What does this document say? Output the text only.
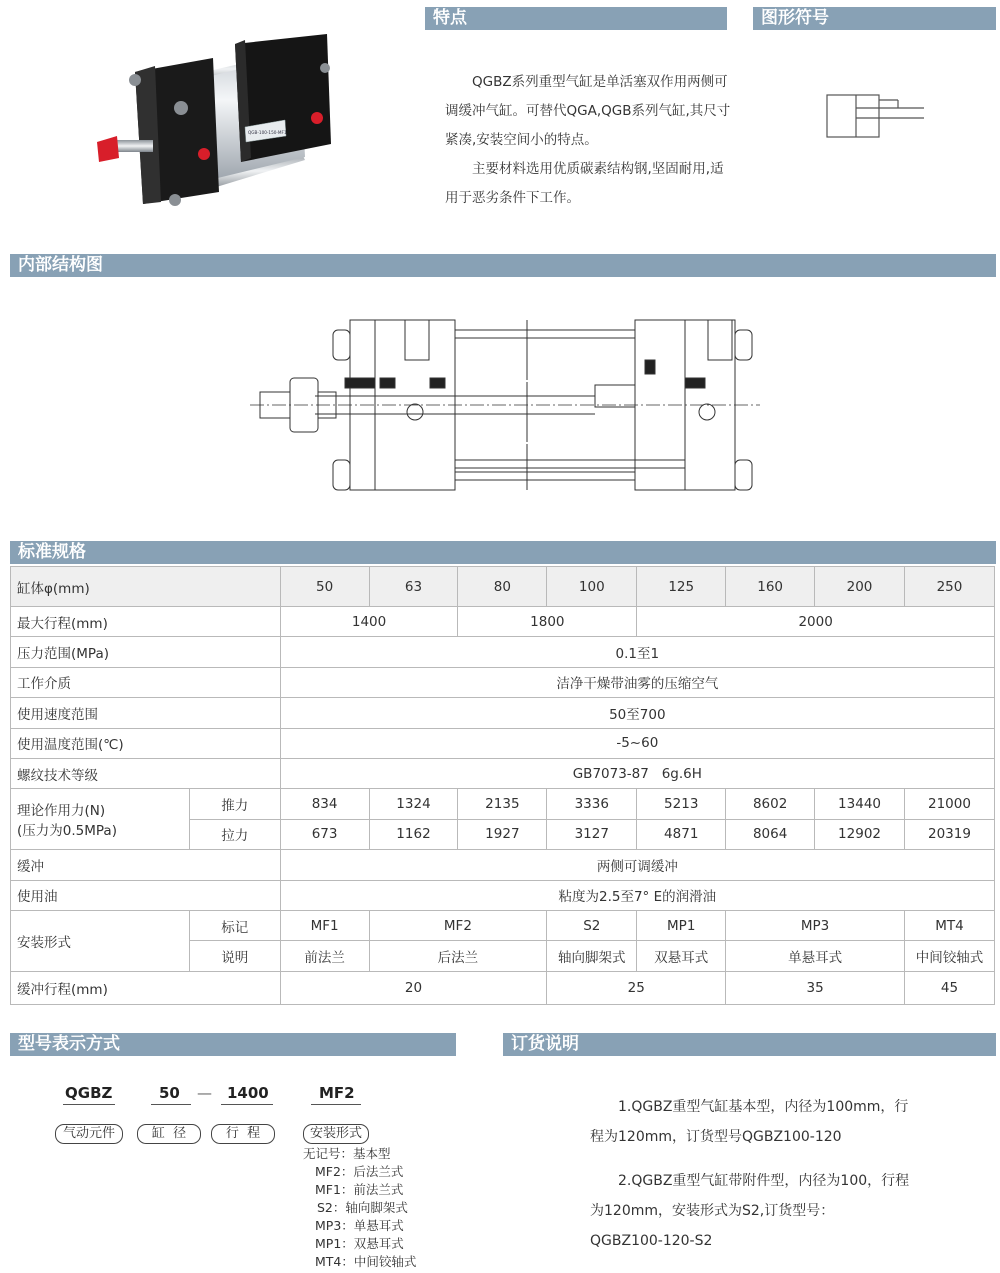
特点	图形符号
内部结构图
标准规格
型号表示方式	订货说明
QGB-100-150-MF1

QGBZ系列重型气缸是单活塞双作用两侧可调缓冲气缸。可替代QGA,QGB系列气缸,其尺寸紧凑,安装空间小的特点。

主要材料选用优质碳素结构钢,坚固耐用,适用于恶劣条件下工作。

缸体φ(mm)		50	63	80	100	125	160	200	250
最大行程(mm)		1400		1800		2000			
压力范围(MPa)		0.1至1							
工作介质		洁净干燥带油雾的压缩空气							
使用速度范围		50至700							
使用温度范围(℃)		-5~60							
螺纹技术等级		GB7073-87   6g.6H							

理论作用力(N)
(压力为0.5MPa)	推力	834	1324	2135	3336	5213	8602	13440	21000
	拉力	673	1162	1927	3127	4871	8064	12902	20319
缓冲		两侧可调缓冲							
使用油		粘度为2.5至7° E的润滑油							
安装形式	标记	MF1	MF2		S2	MP1	MP3		MT4
	说明	前法兰	后法兰		轴向脚架式	双悬耳式	单悬耳式		中间铰轴式
缓冲行程(mm)		20			25		35		45
QGBZ	50 — 1400	MF2
气动元件	缸  径	行  程	安装形式
无记号：基本型
MF2：后法兰式
MF1：前法兰式
S2：轴向脚架式
MP3：单悬耳式
MP1：双悬耳式
MT4：中间铰轴式

1.QGBZ重型气缸基本型，内径为100mm，行程为120mm，订货型号QGBZ100-120

2.QGBZ重型气缸带附件型，内径为100，行程为120mm，安装形式为S2,订货型号：

QGBZ100-120-S2
